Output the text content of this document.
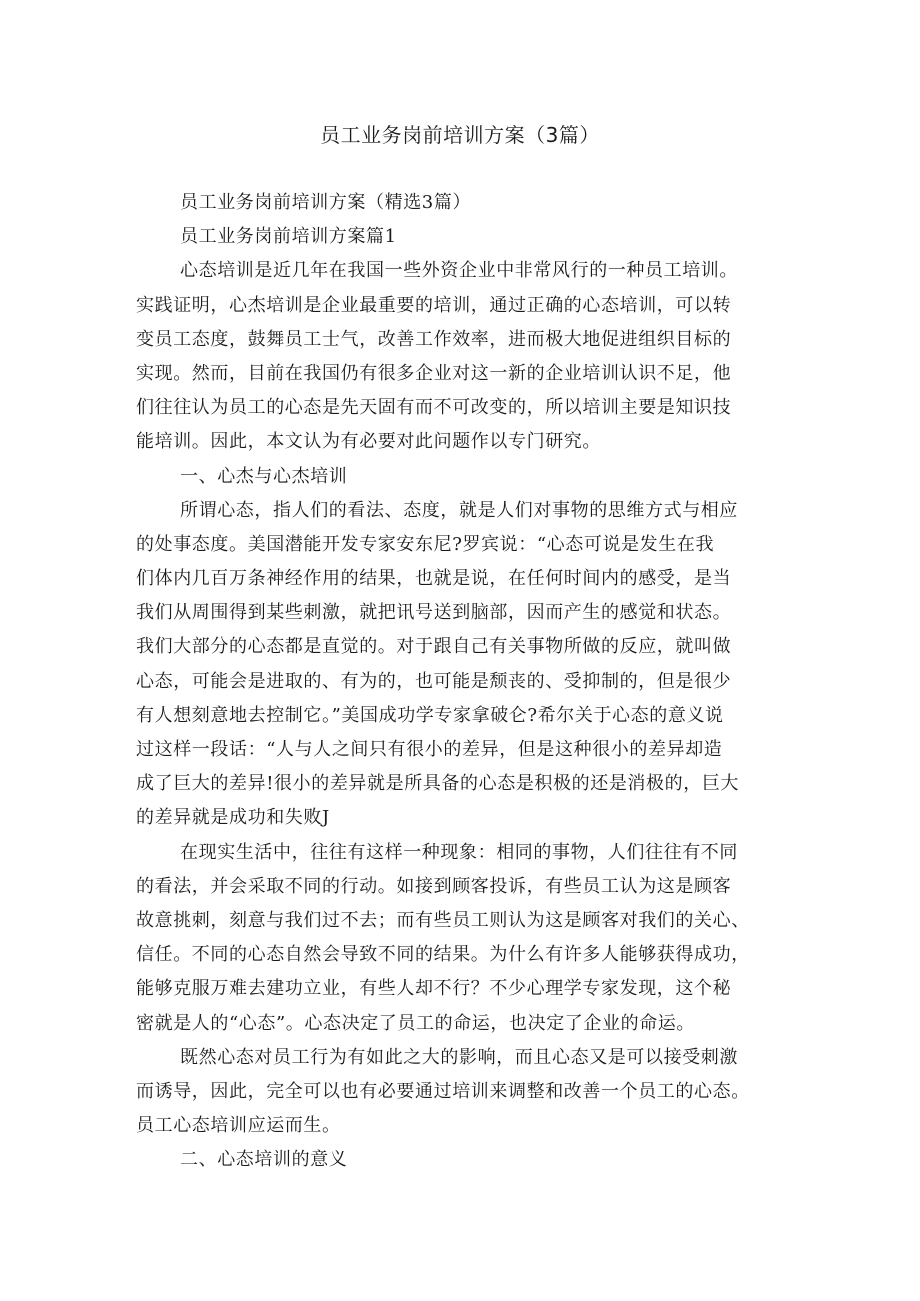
员工业务岗前培训方案（3篇）
员工业务岗前培训方案（精选3篇）
员工业务岗前培训方案篇1
心态培训是近几年在我国一些外资企业中非常风行的一种员工培训。
实践证明，心杰培训是企业最重要的培训，通过正确的心态培训，可以转
变员工态度，鼓舞员工士气，改善工作效率，进而极大地促进组织目标的
实现。然而，目前在我国仍有很多企业对这一新的企业培训认识不足，他
们往往认为员工的心态是先天固有而不可改变的，所以培训主要是知识技
能培训。因此，本文认为有必要对此问题作以专门研究。
一、心杰与心杰培训
所谓心态，指人们的看法、态度，就是人们对事物的思维方式与相应
的处事态度。美国潜能开发专家安东尼?罗宾说：“心态可说是发生在我
们体内几百万条神经作用的结果，也就是说，在任何时间内的感受，是当
我们从周围得到某些刺激，就把讯号送到脑部，因而产生的感觉和状态。
我们大部分的心态都是直觉的。对于跟自己有关事物所做的反应，就叫做
心态，可能会是进取的、有为的，也可能是颓丧的、受抑制的，但是很少
有人想刻意地去控制它。”美国成功学专家拿破仑?希尔关于心态的意义说
过这样一段话：“人与人之间只有很小的差异，但是这种很小的差异却造
成了巨大的差异!很小的差异就是所具备的心态是积极的还是消极的，巨大
的差异就是成功和失败J
在现实生活中，往往有这样一种现象：相同的事物，人们往往有不同
的看法，并会采取不同的行动。如接到顾客投诉，有些员工认为这是顾客
故意挑刺，刻意与我们过不去；而有些员工则认为这是顾客对我们的关心、
信任。不同的心态自然会导致不同的结果。为什么有许多人能够获得成功，
能够克服万难去建功立业，有些人却不行？不少心理学专家发现，这个秘
密就是人的“心态”。心态决定了员工的命运，也决定了企业的命运。
既然心态对员工行为有如此之大的影响，而且心态又是可以接受刺激
而诱导，因此，完全可以也有必要通过培训来调整和改善一个员工的心态。
员工心态培训应运而生。
二、心态培训的意义
